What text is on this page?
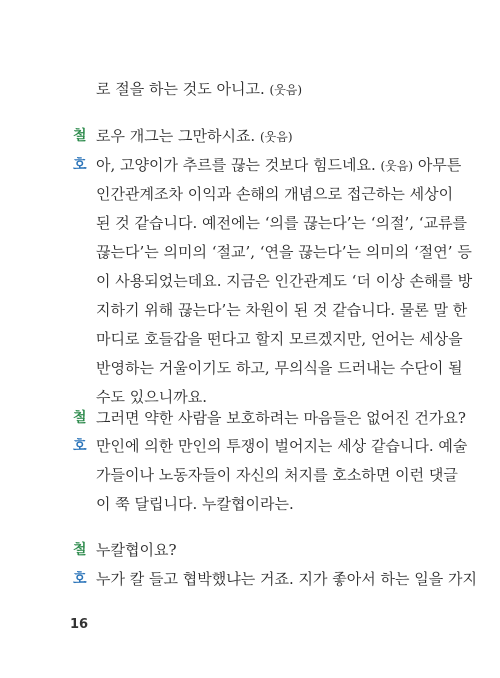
로 절을 하는 것도 아니고. (웃음)
철 로우 개그는 그만하시죠. (웃음)
호 아, 고양이가 추르를 끊는 것보다 힘드네요. (웃음) 아무튼
인간관계조차 이익과 손해의 개념으로 접근하는 세상이
된 것 같습니다. 예전에는 ‘의를 끊는다’는 ‘의절’, ‘교류를
끊는다’는 의미의 ‘절교’, ‘연을 끊는다’는 의미의 ‘절연’ 등
이 사용되었는데요. 지금은 인간관계도 ‘더 이상 손해를 방
지하기 위해 끊는다’는 차원이 된 것 같습니다. 물론 말 한
마디로 호들갑을 떤다고 할지 모르겠지만, 언어는 세상을
반영하는 거울이기도 하고, 무의식을 드러내는 수단이 될
수도 있으니까요.
철 그러면 약한 사람을 보호하려는 마음들은 없어진 건가요?
호 만인에 의한 만인의 투쟁이 벌어지는 세상 같습니다. 예술
가들이나 노동자들이 자신의 처지를 호소하면 이런 댓글
이 쭉 달립니다. 누칼협이라는.
철 누칼협이요?
호 누가 칼 들고 협박했냐는 거죠. 지가 좋아서 하는 일을 가지
16
